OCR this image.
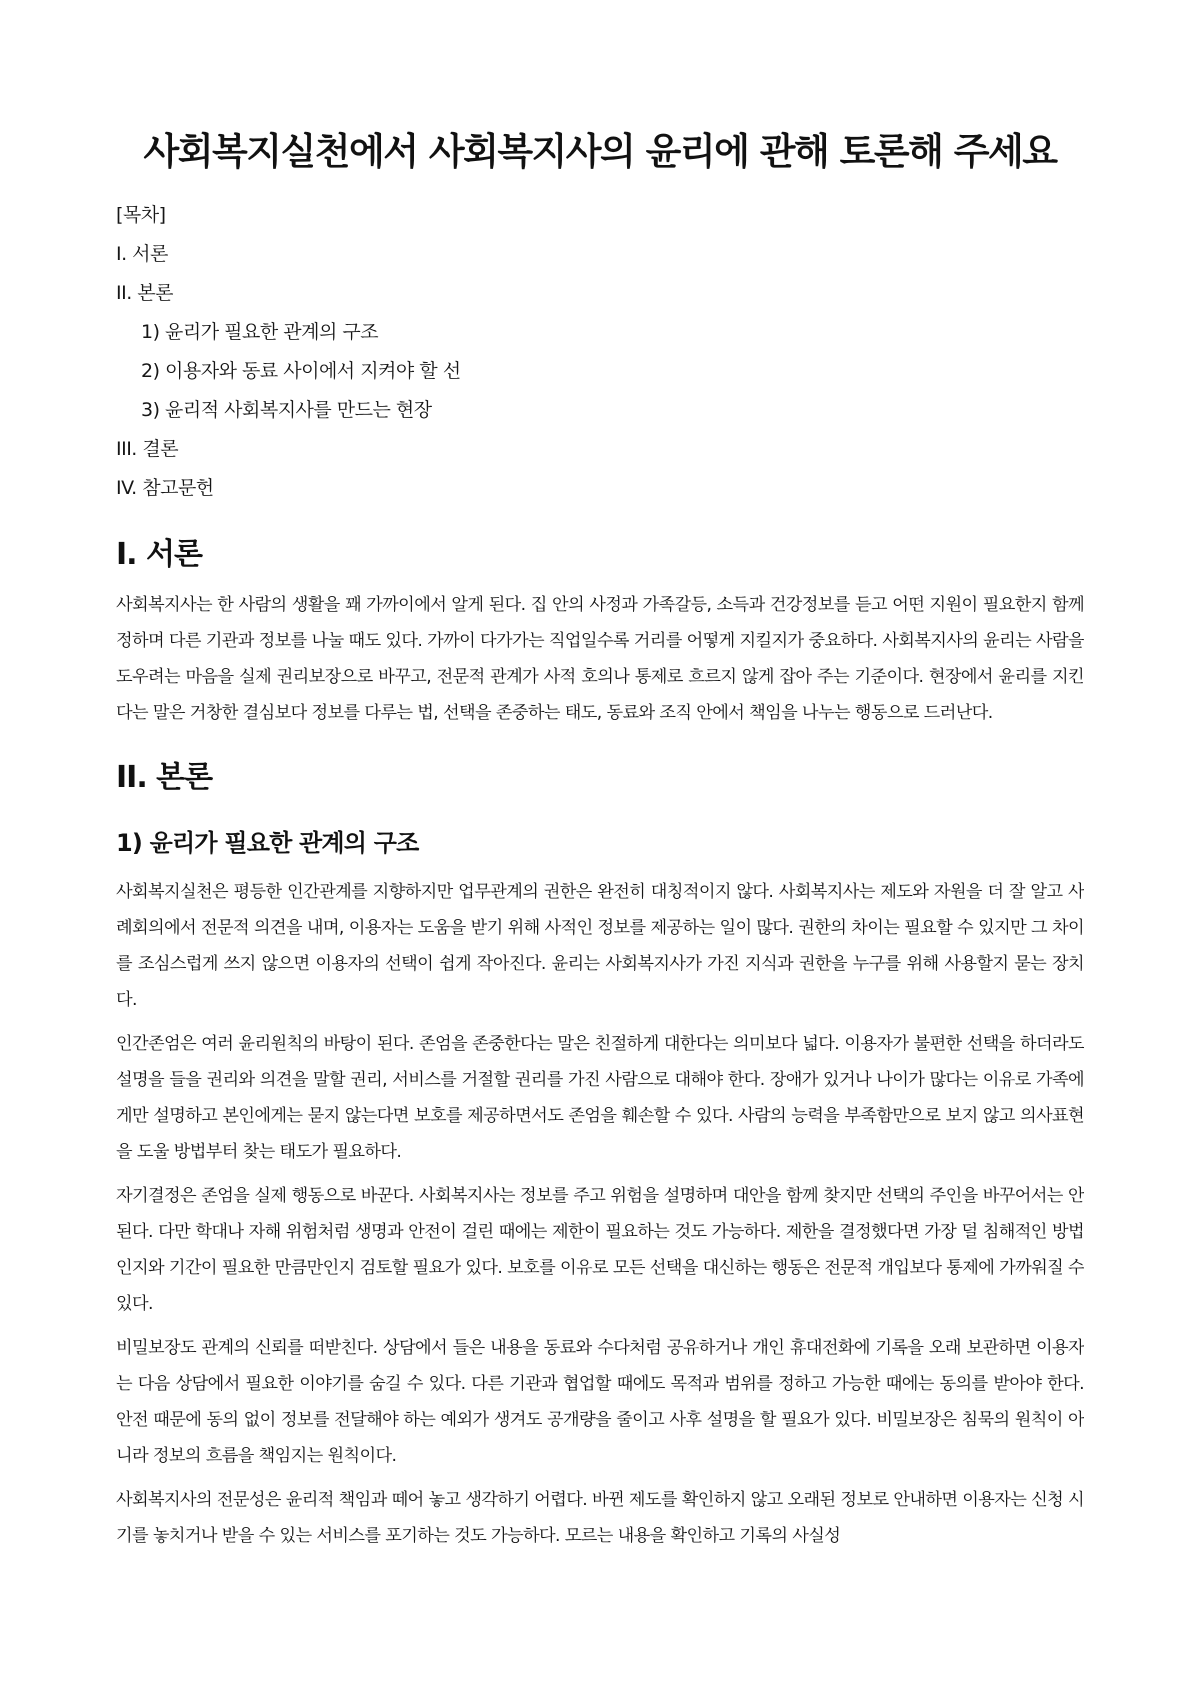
사회복지실천에서 사회복지사의 윤리에 관해 토론해 주세요
[목차]
I. 서론
II. 본론
1) 윤리가 필요한 관계의 구조
2) 이용자와 동료 사이에서 지켜야 할 선
3) 윤리적 사회복지사를 만드는 현장
III. 결론
IV. 참고문헌
I. 서론

사회복지사는 한 사람의 생활을 꽤 가까이에서 알게 된다. 집 안의 사정과 가족갈등, 소득과 건강정보를 듣고 어떤 지원이 필요한지 함께 정하며 다른 기관과 정보를 나눌 때도 있다. 가까이 다가가는 직업일수록 거리를 어떻게 지킬지가 중요하다. 사회복지사의 윤리는 사람을 도우려는 마음을 실제 권리보장으로 바꾸고, 전문적 관계가 사적 호의나 통제로 흐르지 않게 잡아 주는 기준이다. 현장에서 윤리를 지킨다는 말은 거창한 결심보다 정보를 다루는 법, 선택을 존중하는 태도, 동료와 조직 안에서 책임을 나누는 행동으로 드러난다.

II. 본론
1) 윤리가 필요한 관계의 구조

사회복지실천은 평등한 인간관계를 지향하지만 업무관계의 권한은 완전히 대칭적이지 않다. 사회복지사는 제도와 자원을 더 잘 알고 사례회의에서 전문적 의견을 내며, 이용자는 도움을 받기 위해 사적인 정보를 제공하는 일이 많다. 권한의 차이는 필요할 수 있지만 그 차이를 조심스럽게 쓰지 않으면 이용자의 선택이 쉽게 작아진다. 윤리는 사회복지사가 가진 지식과 권한을 누구를 위해 사용할지 묻는 장치다.

인간존엄은 여러 윤리원칙의 바탕이 된다. 존엄을 존중한다는 말은 친절하게 대한다는 의미보다 넓다. 이용자가 불편한 선택을 하더라도 설명을 들을 권리와 의견을 말할 권리, 서비스를 거절할 권리를 가진 사람으로 대해야 한다. 장애가 있거나 나이가 많다는 이유로 가족에게만 설명하고 본인에게는 묻지 않는다면 보호를 제공하면서도 존엄을 훼손할 수 있다. 사람의 능력을 부족함만으로 보지 않고 의사표현을 도울 방법부터 찾는 태도가 필요하다.

자기결정은 존엄을 실제 행동으로 바꾼다. 사회복지사는 정보를 주고 위험을 설명하며 대안을 함께 찾지만 선택의 주인을 바꾸어서는 안 된다. 다만 학대나 자해 위험처럼 생명과 안전이 걸린 때에는 제한이 필요하는 것도 가능하다. 제한을 결정했다면 가장 덜 침해적인 방법인지와 기간이 필요한 만큼만인지 검토할 필요가 있다. 보호를 이유로 모든 선택을 대신하는 행동은 전문적 개입보다 통제에 가까워질 수 있다.

비밀보장도 관계의 신뢰를 떠받친다. 상담에서 들은 내용을 동료와 수다처럼 공유하거나 개인 휴대전화에 기록을 오래 보관하면 이용자는 다음 상담에서 필요한 이야기를 숨길 수 있다. 다른 기관과 협업할 때에도 목적과 범위를 정하고 가능한 때에는 동의를 받아야 한다. 안전 때문에 동의 없이 정보를 전달해야 하는 예외가 생겨도 공개량을 줄이고 사후 설명을 할 필요가 있다. 비밀보장은 침묵의 원칙이 아니라 정보의 흐름을 책임지는 원칙이다.

사회복지사의 전문성은 윤리적 책임과 떼어 놓고 생각하기 어렵다. 바뀐 제도를 확인하지 않고 오래된 정보로 안내하면 이용자는 신청 시기를 놓치거나 받을 수 있는 서비스를 포기하는 것도 가능하다. 모르는 내용을 확인하고 기록의 사실성
